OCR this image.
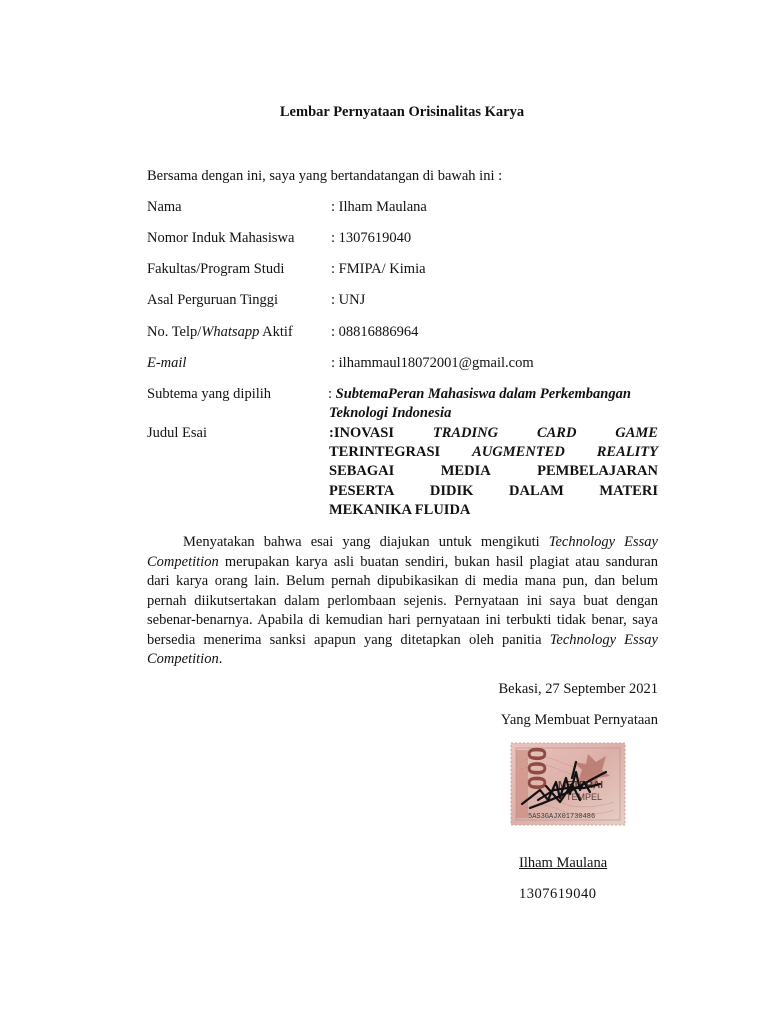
Lembar Pernyataan Orisinalitas Karya
Bersama dengan ini, saya yang bertandatangan di bawah ini :
Nama	: Ilham Maulana
Nomor Induk Mahasiswa	: 1307619040
Fakultas/Program Studi	: FMIPA/ Kimia
Asal Perguruan Tinggi	: UNJ
No. Telp/Whatsapp Aktif	: 08816886964
E-mail	: ilhammaul18072001@gmail.com
Subtema yang dipilih	: SubtemaPeran Mahasiswa dalam Perkembangan
Teknologi Indonesia
Judul Esai	:INOVASI	TRADING	CARD	GAME
TERINTEGRASI AUGMENTED REALITY
SEBAGAI	MEDIA	PEMBELAJARAN
PESERTA DIDIK DALAM MATERI
MEKANIKA FLUIDA
Menyatakan bahwa esai yang diajukan untuk mengikuti Technology Essay Competition merupakan karya asli buatan sendiri, bukan hasil plagiat atau sanduran dari karya orang lain. Belum pernah dipubikasikan di media mana pun, dan belum pernah diikutsertakan dalam perlombaan sejenis. Pernyataan ini saya buat dengan sebenar-benarnya. Apabila di kemudian hari pernyataan ini terbukti tidak benar, saya bersedia menerima sanksi apapun yang ditetapkan oleh panitia Technology Essay Competition.
Bekasi, 27 September 2021
Yang Membuat Pernyataan
000 METERAI
TEMPEL
5AS3GAJX01730486
Ilham Maulana
1307619040
